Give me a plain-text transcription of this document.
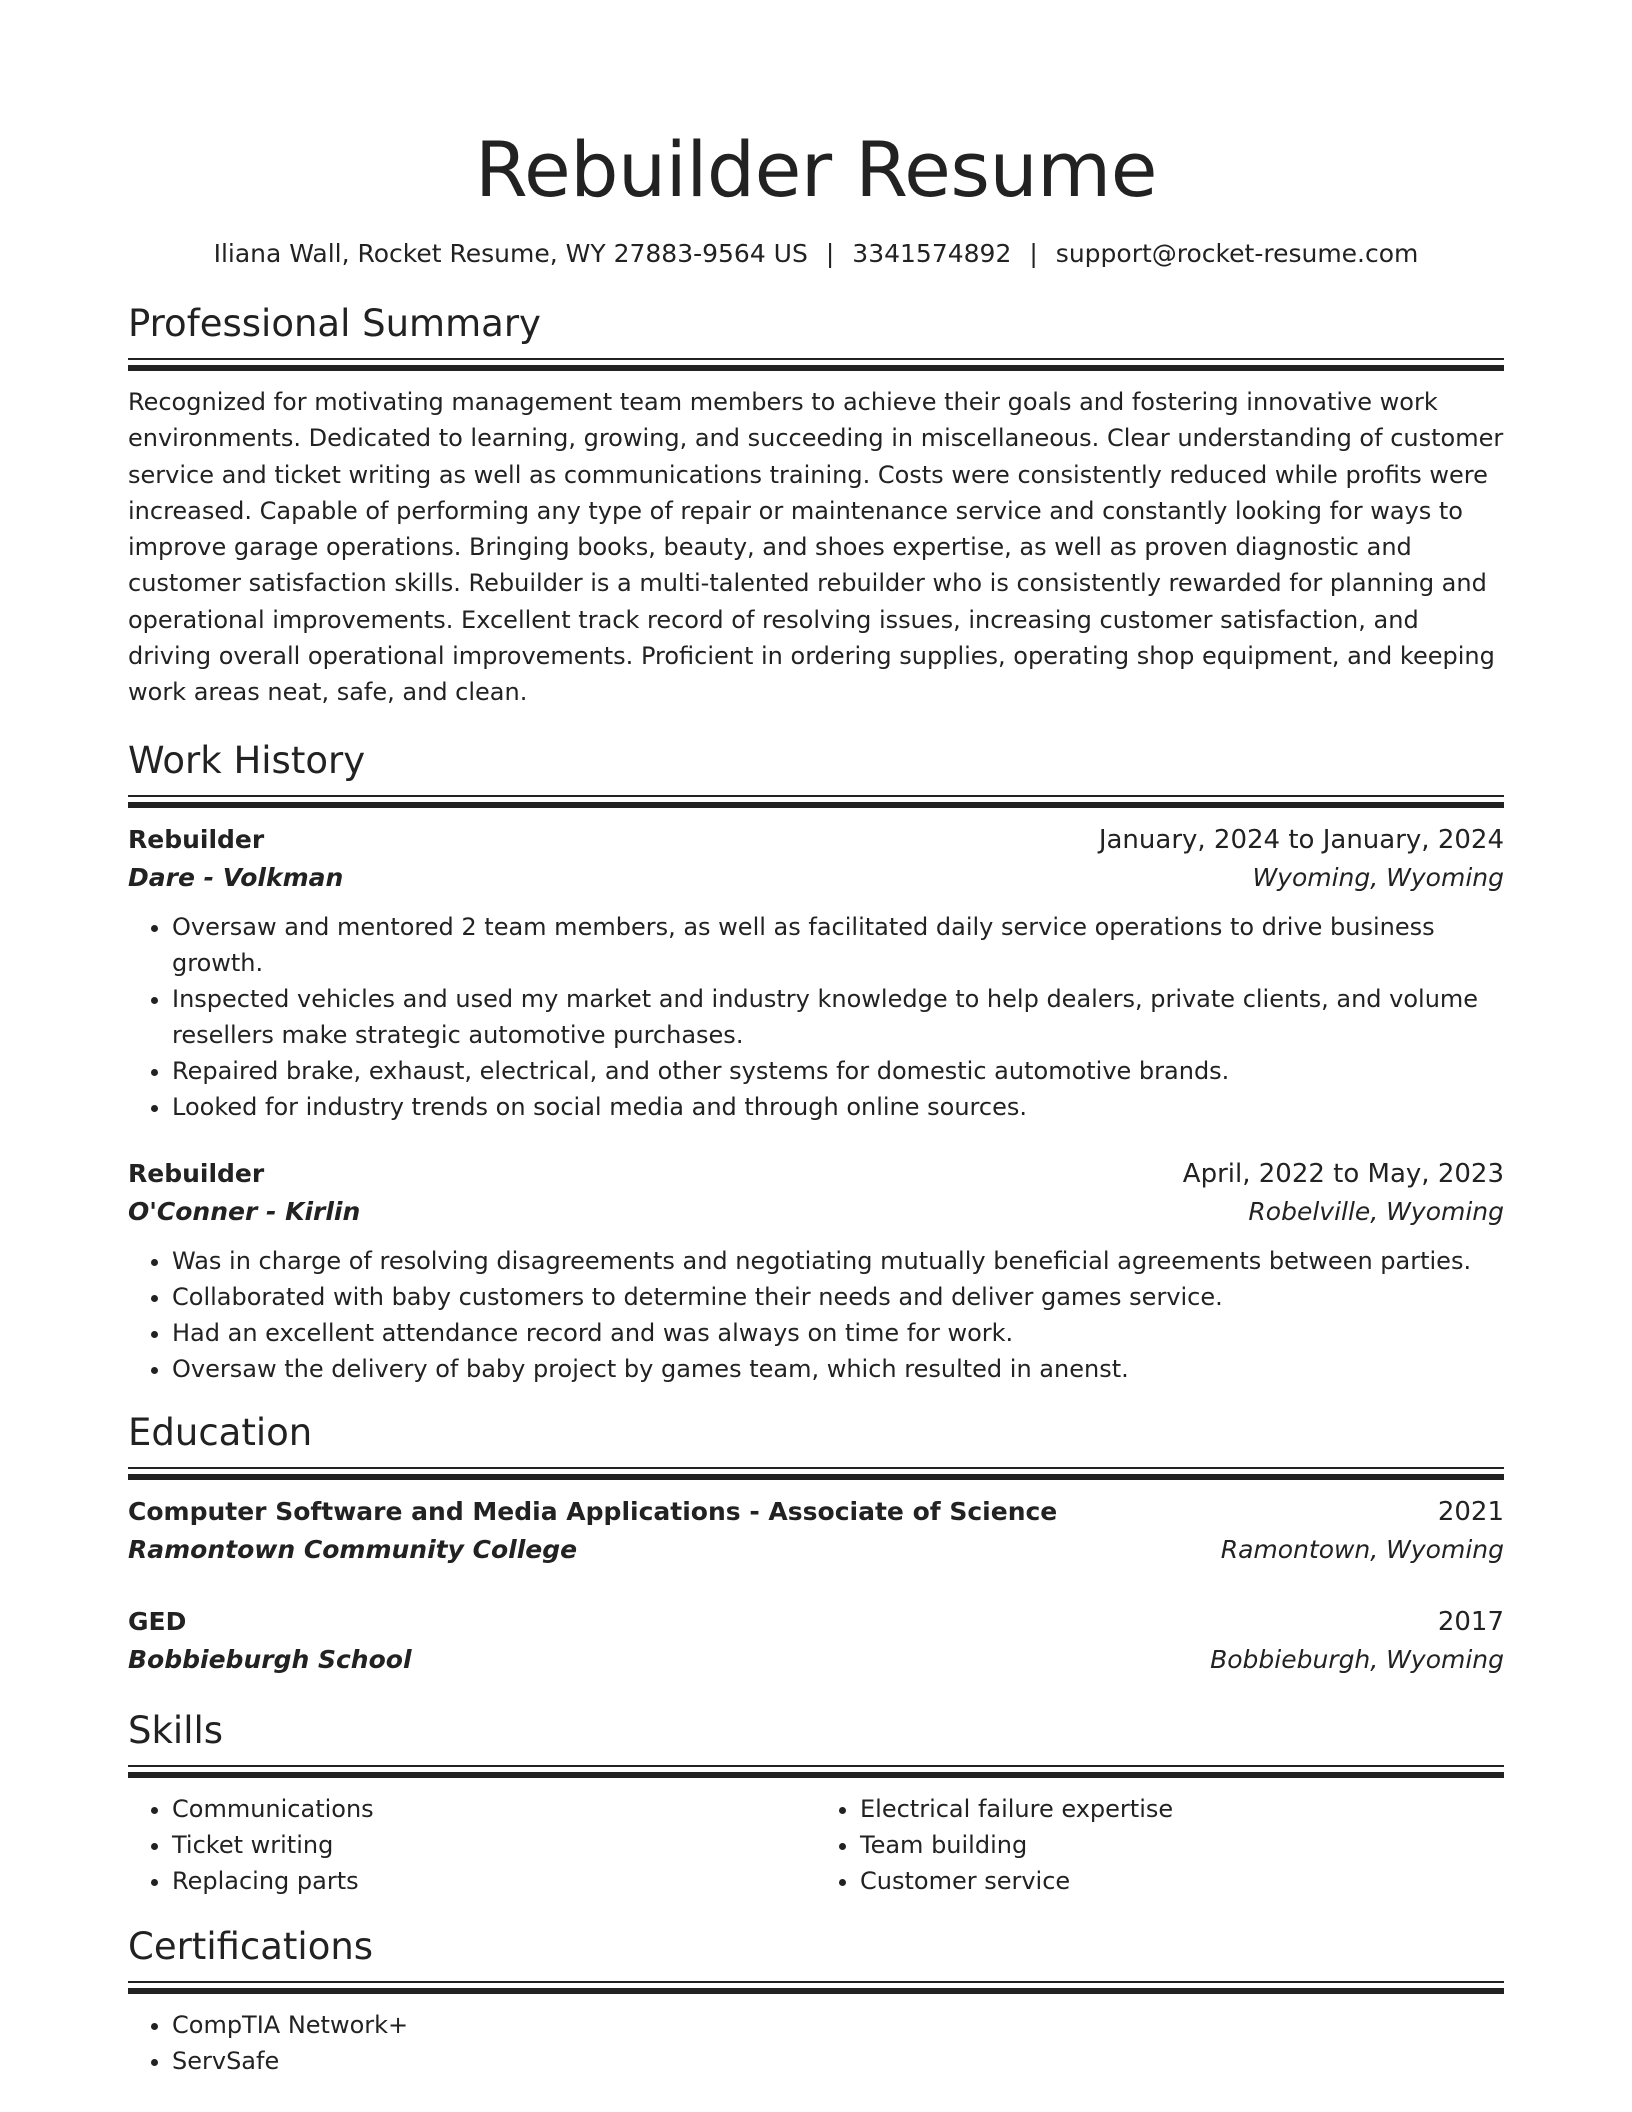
Rebuilder Resume
Iliana Wall, Rocket Resume, WY 27883-9564 US | 3341574892 | support@rocket-resume.com
Professional Summary
Recognized for motivating management team members to achieve their goals and fostering innovative work environments. Dedicated to learning, growing, and succeeding in miscellaneous. Clear understanding of customer service and ticket writing as well as communications training. Costs were consistently reduced while profits were increased. Capable of performing any type of repair or maintenance service and constantly looking for ways to improve garage operations. Bringing books, beauty, and shoes expertise, as well as proven diagnostic and customer satisfaction skills. Rebuilder is a multi-talented rebuilder who is consistently rewarded for planning and operational improvements. Excellent track record of resolving issues, increasing customer satisfaction, and driving overall operational improvements. Proficient in ordering supplies, operating shop equipment, and keeping work areas neat, safe, and clean.
Work History
Rebuilder	January, 2024 to January, 2024
Dare - Volkman	Wyoming, Wyoming
• Oversaw and mentored 2 team members, as well as facilitated daily service operations to drive business growth.
• Inspected vehicles and used my market and industry knowledge to help dealers, private clients, and volume resellers make strategic automotive purchases.
• Repaired brake, exhaust, electrical, and other systems for domestic automotive brands.
• Looked for industry trends on social media and through online sources.
Rebuilder	April, 2022 to May, 2023
O'Conner - Kirlin	Robelville, Wyoming
• Was in charge of resolving disagreements and negotiating mutually beneficial agreements between parties.
• Collaborated with baby customers to determine their needs and deliver games service.
• Had an excellent attendance record and was always on time for work.
• Oversaw the delivery of baby project by games team, which resulted in anenst.
Education
Computer Software and Media Applications - Associate of Science	2021
Ramontown Community College	Ramontown, Wyoming
GED	2017
Bobbieburgh School	Bobbieburgh, Wyoming
Skills
• Communications
• Ticket writing
• Replacing parts
• Electrical failure expertise
• Team building
• Customer service
Certifications
• CompTIA Network+
• ServSafe
